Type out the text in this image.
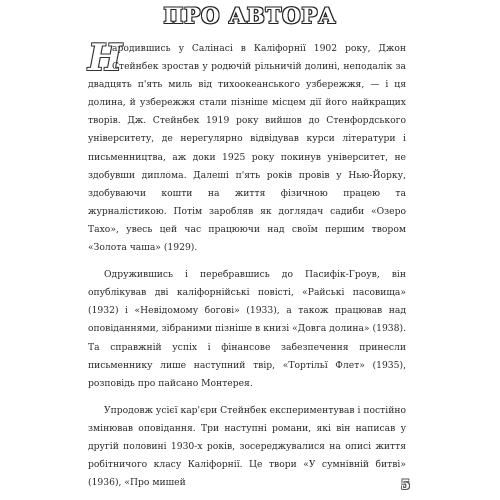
ПРО АВТОРА

Н
ародившись у Салінасі в Каліфорнії 1902 року, Джон Стейнбек зростав у родючій рільничій долині, неподалік за двадцять п'ять миль від тихоокеанського узбережжя, — і ця долина, й узбережжя стали пізніше місцем дії його найкращих творів. Дж. Стейнбек 1919 року вийшов до Стенфордського університету, де нерегулярно відвідував курси літератури і письменництва, аж доки 1925 року покинув університет, не здобувши диплома. Далеші п'ять років провів у Нью-Йорку, здобуваючи кошти на життя фізичною працею та журналістикою. Потім заробляв як доглядач садиби «Озеро Тахо», увесь цей час працюючи над своїм першим твором «Золота чаша» (1929).

Одружившись і перебравшись до Пасифік-Гроув, він опублікував дві каліфорнійські повісті, «Райські пасовища» (1932) і «Невідомому богові» (1933), а також працював над оповіданнями, зібраними пізніше в книзі «Довга долина» (1938). Та справжній успіх і фінансове забезпечення принесли письменнику лише наступний твір, «Тортільї Флет» (1935), розповідь про пайсано Монтерея.

Упродовж усієї кар'єри Стейнбек експериментував і постійно змінював оповідання. Три наступні романи, які він написав у другій половині 1930-х років, зосереджувалися на описі життя робітничого класу Каліфорнії. Це твори «У сумнівній битві» (1936), «Про мишей	5
